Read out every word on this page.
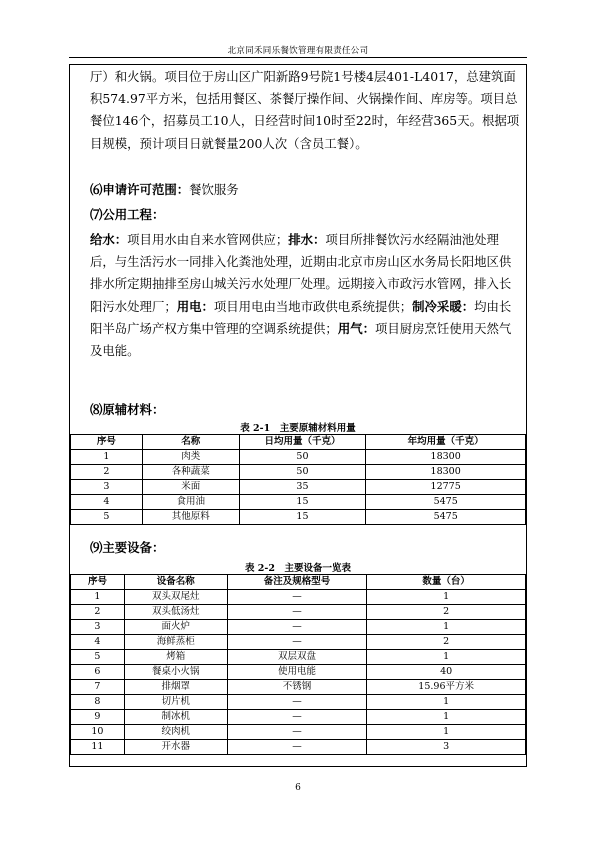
北京同禾同乐餐饮管理有限责任公司

厅）和火锅。项目位于房山区广阳新路9号院1号楼4层401-L4017，总建筑面积574.97平方米，包括用餐区、茶餐厅操作间、火锅操作间、库房等。项目总餐位146个，招募员工10人，日经营时间10时至22时，年经营365天。根据项目规模，预计项目日就餐量200人次（含员工餐）。

⑹申请许可范围：餐饮服务
⑺公用工程：

给水：项目用水由自来水管网供应；排水：项目所排餐饮污水经隔油池处理后，与生活污水一同排入化粪池处理，近期由北京市房山区水务局长阳地区供排水所定期抽排至房山城关污水处理厂处理。远期接入市政污水管网，排入长阳污水处理厂；用电：项目用电由当地市政供电系统提供；制冷采暖：均由长阳半岛广场产权方集中管理的空调系统提供；用气：项目厨房烹饪使用天然气及电能。

⑻原辅材料：
表 2-1　主要原辅材料用量
序号	名称	日均用量（千克）	年均用量（千克）
1	肉类	50	18300
2	各种蔬菜	50	18300
3	米面	35	12775
4	食用油	15	5475
5	其他原料	15	5475
⑼主要设备：
表 2-2　主要设备一览表
序号	设备名称	备注及规格型号	数量（台）
1	双头双尾灶	—	1
2	双头低汤灶	—	2
3	面火炉	—	1
4	海鲜蒸柜	—	2
5	烤箱	双层双盘	1
6	餐桌小火锅	使用电能	40
7	排烟罩	不锈钢	15.96平方米
8	切片机	—	1
9	制冰机	—	1
10	绞肉机	—	1
11	开水器	—	3
6
